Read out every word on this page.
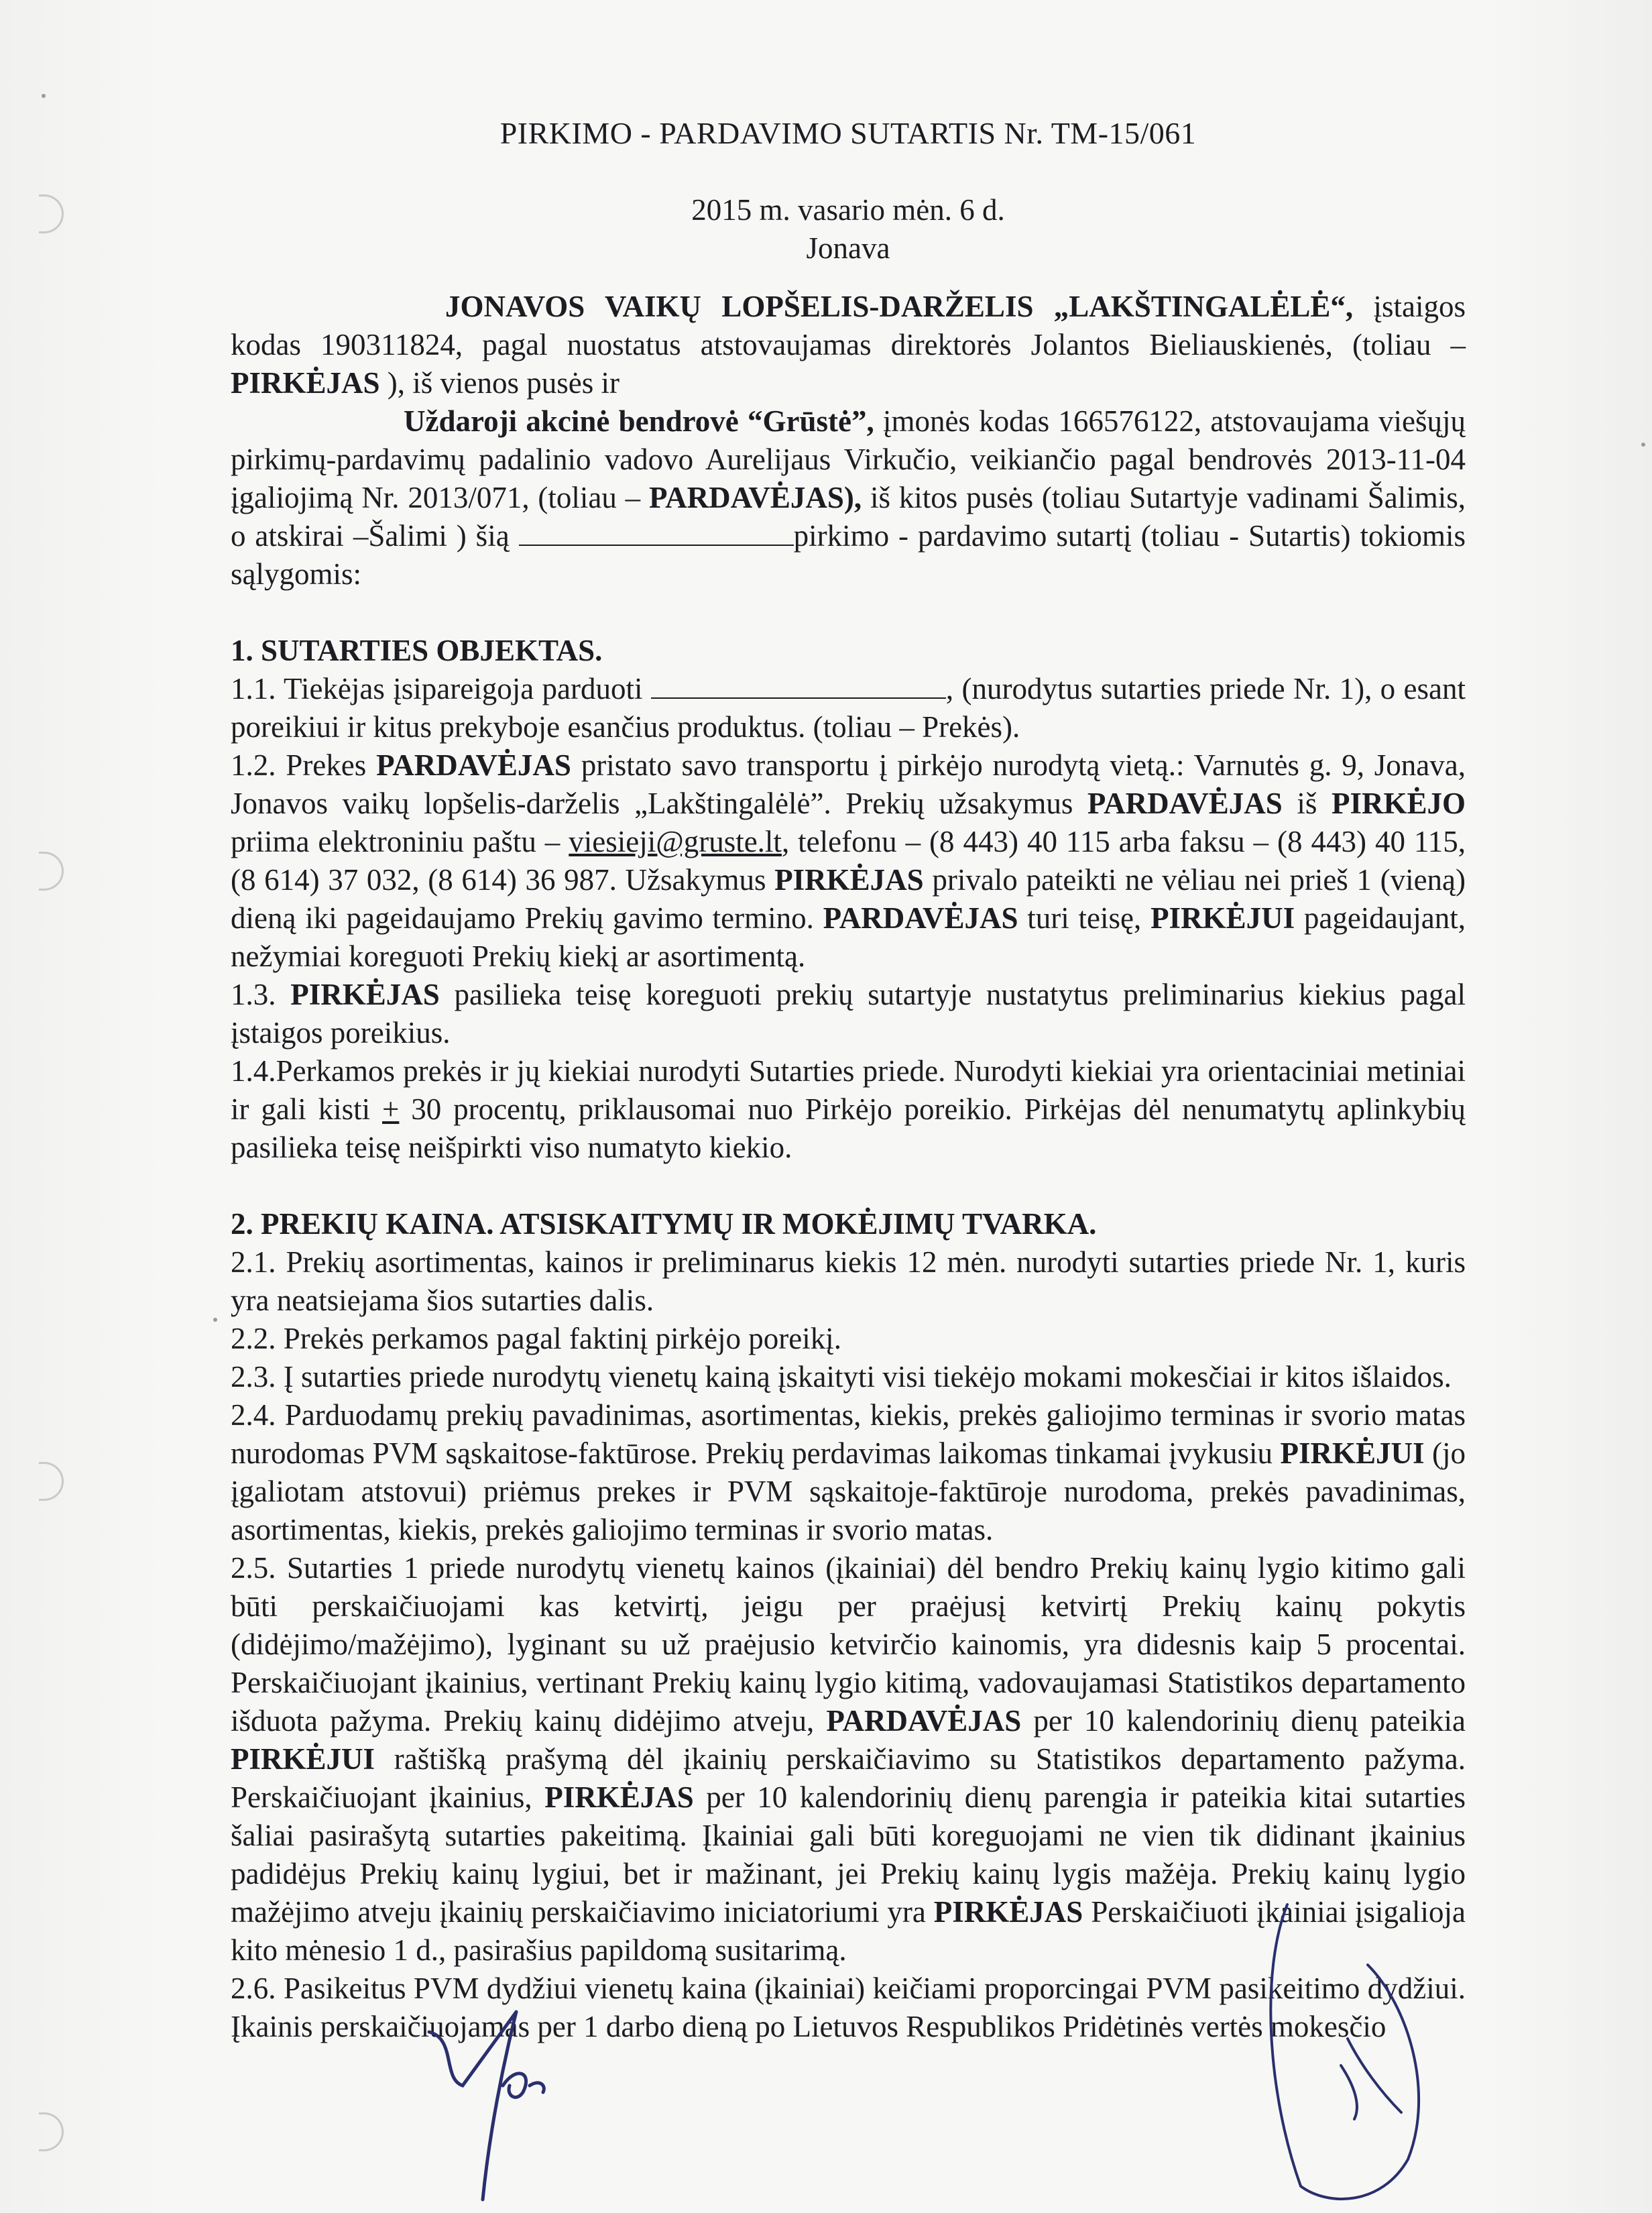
PIRKIMO - PARDAVIMO SUTARTIS Nr. TM-15/061
2015 m. vasario mėn. 6 d.
Jonava

JONAVOS VAIKŲ LOPŠELIS-DARŽELIS „LAKŠTINGALĖLĖ“, įstaigos kodas 190311824, pagal nuostatus atstovaujamas direktorės Jolantos Bieliauskienės, (toliau – PIRKĖJAS ), iš vienos pusės ir

Uždaroji akcinė bendrovė “Grūstė”, įmonės kodas 166576122, atstovaujama viešųjų pirkimų-pardavimų padalinio vadovo Aurelijaus Virkučio, veikiančio pagal bendrovės 2013-11-04 įgaliojimą Nr. 2013/071, (toliau – PARDAVĖJAS), iš kitos pusės (toliau Sutartyje vadinami Šalimis, o atskirai –Šalimi ) šią	pirkimo - pardavimo sutartį (toliau - Sutartis) tokiomis sąlygomis:

1. SUTARTIES OBJEKTAS.

1.1. Tiekėjas įsipareigoja parduoti	, (nurodytus sutarties priede Nr. 1), o esant poreikiui ir kitus prekyboje esančius produktus. (toliau – Prekės).

1.2. Prekes PARDAVĖJAS pristato savo transportu į pirkėjo nurodytą vietą.: Varnutės g. 9, Jonava, Jonavos vaikų lopšelis-darželis „Lakštingalėlė”. Prekių užsakymus PARDAVĖJAS iš PIRKĖJO priima elektroniniu paštu – viesieji@gruste.lt, telefonu – (8 443) 40 115 arba faksu – (8 443) 40 115, (8 614) 37 032, (8 614) 36 987. Užsakymus PIRKĖJAS privalo pateikti ne vėliau nei prieš 1 (vieną) dieną iki pageidaujamo Prekių gavimo termino. PARDAVĖJAS turi teisę, PIRKĖJUI pageidaujant, nežymiai koreguoti Prekių kiekį ar asortimentą.

1.3. PIRKĖJAS pasilieka teisę koreguoti prekių sutartyje nustatytus preliminarius kiekius pagal įstaigos poreikius.

1.4.Perkamos prekės ir jų kiekiai nurodyti Sutarties priede. Nurodyti kiekiai yra orientaciniai metiniai ir gali kisti + 30 procentų, priklausomai nuo Pirkėjo poreikio. Pirkėjas dėl nenumatytų aplinkybių pasilieka teisę neišpirkti viso numatyto kiekio.

2. PREKIŲ KAINA. ATSISKAITYMŲ IR MOKĖJIMŲ TVARKA.

2.1. Prekių asortimentas, kainos ir preliminarus kiekis 12 mėn. nurodyti sutarties priede Nr. 1, kuris yra neatsiejama šios sutarties dalis.

2.2. Prekės perkamos pagal faktinį pirkėjo poreikį.

2.3. Į sutarties priede nurodytų vienetų kainą įskaityti visi tiekėjo mokami mokesčiai ir kitos išlaidos.

2.4. Parduodamų prekių pavadinimas, asortimentas, kiekis, prekės galiojimo terminas ir svorio matas nurodomas PVM sąskaitose-faktūrose. Prekių perdavimas laikomas tinkamai įvykusiu PIRKĖJUI (jo įgaliotam atstovui) priėmus prekes ir PVM sąskaitoje-faktūroje nurodoma, prekės pavadinimas, asortimentas, kiekis, prekės galiojimo terminas ir svorio matas.

2.5. Sutarties 1 priede nurodytų vienetų kainos (įkainiai) dėl bendro Prekių kainų lygio kitimo gali būti perskaičiuojami kas ketvirtį, jeigu per praėjusį ketvirtį Prekių kainų pokytis (didėjimo/mažėjimo), lyginant su už praėjusio ketvirčio kainomis, yra didesnis kaip 5 procentai. Perskaičiuojant įkainius, vertinant Prekių kainų lygio kitimą, vadovaujamasi Statistikos departamento išduota pažyma. Prekių kainų didėjimo atveju, PARDAVĖJAS per 10 kalendorinių dienų pateikia PIRKĖJUI raštišką prašymą dėl įkainių perskaičiavimo su Statistikos departamento pažyma. Perskaičiuojant įkainius, PIRKĖJAS per 10 kalendorinių dienų parengia ir pateikia kitai sutarties šaliai pasirašytą sutarties pakeitimą. Įkainiai gali būti koreguojami ne vien tik didinant įkainius padidėjus Prekių kainų lygiui, bet ir mažinant, jei Prekių kainų lygis mažėja. Prekių kainų lygio mažėjimo atveju įkainių perskaičiavimo iniciatoriumi yra PIRKĖJAS Perskaičiuoti įkainiai įsigalioja kito mėnesio 1 d., pasirašius papildomą susitarimą.

2.6. Pasikeitus PVM dydžiui vienetų kaina (įkainiai) keičiami proporcingai PVM pasikeitimo dydžiui. Įkainis perskaičiuojamas per 1 darbo dieną po Lietuvos Respublikos Pridėtinės vertės mokesčio
